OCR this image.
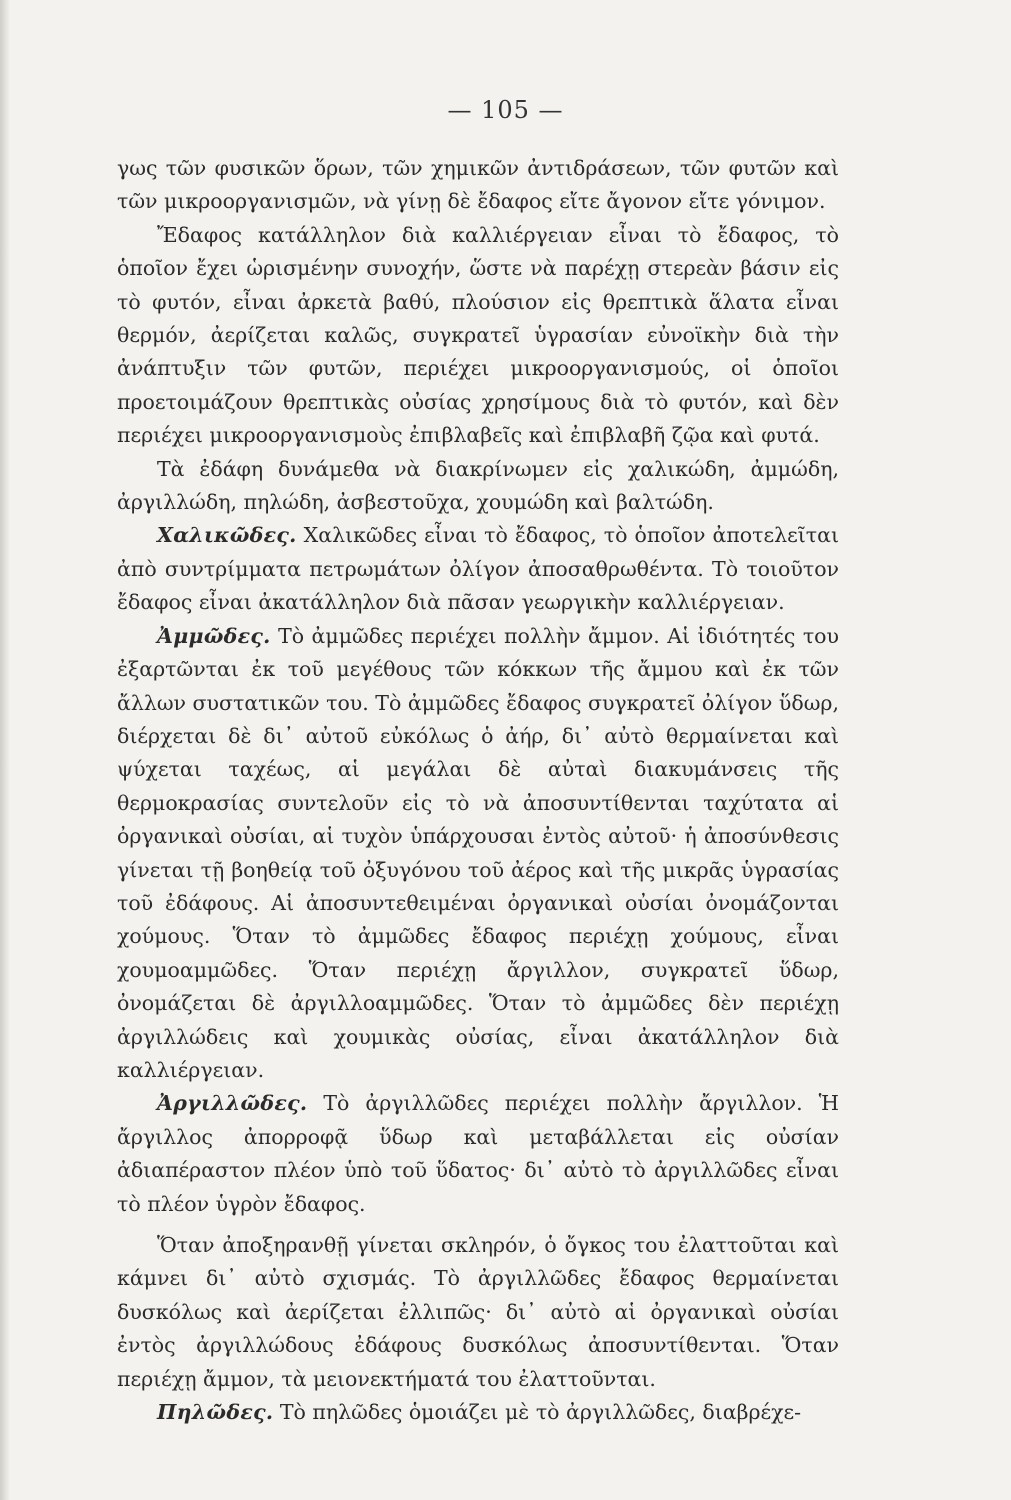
— 105 —

γως τῶν φυσικῶν ὅρων, τῶν χημικῶν ἀντιδράσεων, τῶν φυτῶν καὶ τῶν μικροοργανισμῶν, νὰ γίνῃ δὲ ἔδαφος εἴτε ἄγονον εἴτε γόνιμον.

Ἔδαφος κατάλληλον διὰ καλλιέργειαν εἶναι τὸ ἔδαφος, τὸ ὁποῖον ἔχει ὡρισμένην συνοχήν, ὥστε νὰ παρέχῃ στερεὰν βάσιν εἰς τὸ φυτόν, εἶναι ἀρκετὰ βαθύ, πλούσιον εἰς θρεπτικὰ ἅλατα εἶναι θερμόν, ἀερίζεται καλῶς, συγκρατεῖ ὑγρασίαν εὐνοϊκὴν διὰ τὴν ἀνάπτυξιν τῶν φυτῶν, περιέχει μικροοργανισμούς, οἱ ὁποῖοι προετοιμάζουν θρεπτικὰς οὐσίας χρησίμους διὰ τὸ φυτόν, καὶ δὲν περιέχει μικροοργανισμοὺς ἐπιβλαβεῖς καὶ ἐπιβλαβῆ ζῷα καὶ φυτά.

Τὰ ἐδάφη δυνάμεθα νὰ διακρίνωμεν εἰς χαλικώδη, ἀμμώδη, ἀργιλλώδη, πηλώδη, ἀσβεστοῦχα, χουμώδη καὶ βαλτώδη.

Χαλικῶδες. Χαλικῶδες εἶναι τὸ ἔδαφος, τὸ ὁποῖον ἀποτελεῖται ἀπὸ συντρίμματα πετρωμάτων ὀλίγον ἀποσαθρωθέντα. Τὸ τοιοῦτον ἔδαφος εἶναι ἀκατάλληλον διὰ πᾶσαν γεωργικὴν καλλιέργειαν.

Ἀμμῶδες. Τὸ ἀμμῶδες περιέχει πολλὴν ἄμμον. Αἱ ἰδιότητές του ἐξαρτῶνται ἐκ τοῦ μεγέθους τῶν κόκκων τῆς ἄμμου καὶ ἐκ τῶν ἄλλων συστατικῶν του. Τὸ ἀμμῶδες ἔδαφος συγκρατεῖ ὀλίγον ὕδωρ, διέρχεται δὲ δι᾽ αὐτοῦ εὐκόλως ὁ ἀήρ, δι᾽ αὐτὸ θερμαίνεται καὶ ψύχεται ταχέως, αἱ μεγάλαι δὲ αὐταὶ διακυμάνσεις τῆς θερμοκρασίας συντελοῦν εἰς τὸ νὰ ἀποσυντίθενται ταχύτατα αἱ ὀργανικαὶ οὐσίαι, αἱ τυχὸν ὑπάρχουσαι ἐντὸς αὐτοῦ· ἡ ἀποσύνθεσις γίνεται τῇ βοηθείᾳ τοῦ ὀξυγόνου τοῦ ἀέρος καὶ τῆς μικρᾶς ὑγρασίας τοῦ ἐδάφους. Αἱ ἀποσυντεθειμέναι ὀργανικαὶ οὐσίαι ὀνομάζονται χούμους. Ὅταν τὸ ἀμμῶδες ἔδαφος περιέχῃ χούμους, εἶναι χουμοαμμῶδες. Ὅταν περιέχῃ ἄργιλλον, συγκρατεῖ ὕδωρ, ὀνομάζεται δὲ ἀργιλλοαμμῶδες. Ὅταν τὸ ἀμμῶδες δὲν περιέχῃ ἀργιλλώδεις καὶ χουμικὰς οὐσίας, εἶναι ἀκατάλληλον διὰ καλλιέργειαν.

Ἀργιλλῶδες. Τὸ ἀργιλλῶδες περιέχει πολλὴν ἄργιλλον. Ἡ ἄργιλλος ἀπορροφᾷ ὕδωρ καὶ μεταβάλλεται εἰς οὐσίαν ἀδιαπέραστον πλέον ὑπὸ τοῦ ὕδατος· δι᾽ αὐτὸ τὸ ἀργιλλῶδες εἶναι τὸ πλέον ὑγρὸν ἔδαφος.

Ὅταν ἀποξηρανθῇ γίνεται σκληρόν, ὁ ὄγκος του ἐλαττοῦται καὶ κάμνει δι᾽ αὐτὸ σχισμάς. Τὸ ἀργιλλῶδες ἔδαφος θερμαίνεται δυσκόλως καὶ ἀερίζεται ἐλλιπῶς· δι᾽ αὐτὸ αἱ ὀργανικαὶ οὐσίαι ἐντὸς ἀργιλλώδους ἐδάφους δυσκόλως ἀποσυντίθενται. Ὅταν περιέχῃ ἄμμον, τὰ μειονεκτήματά του ἐλαττοῦνται.

Πηλῶδες. Τὸ πηλῶδες ὁμοιάζει μὲ τὸ ἀργιλλῶδες, διαβρέχε-
